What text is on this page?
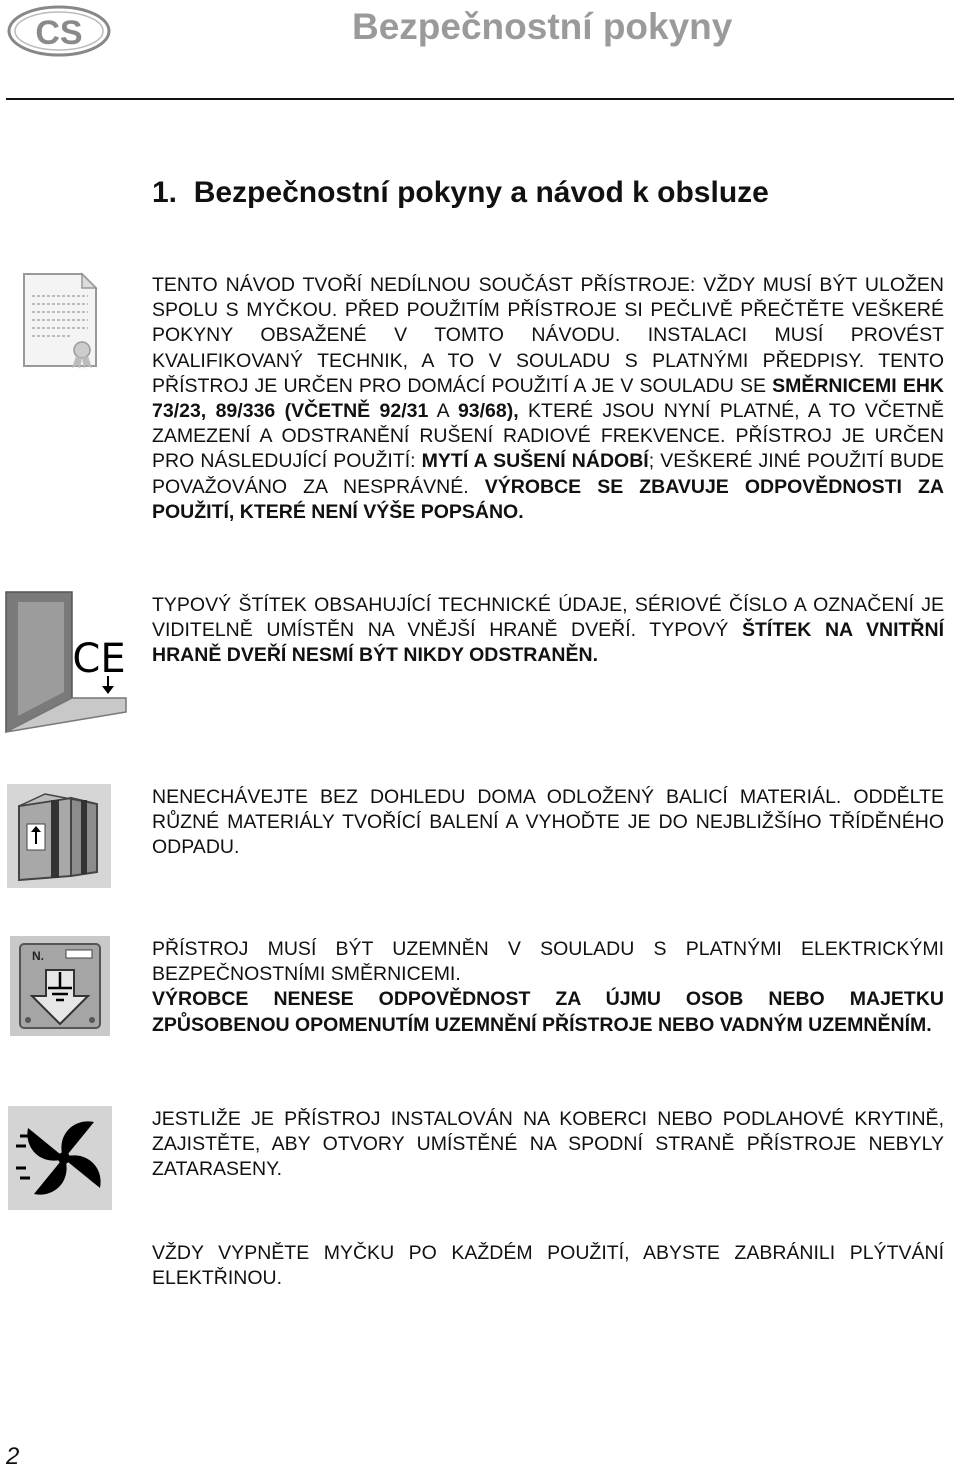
CS	Bezpečnostní pokyny
1. Bezpečnostní pokyny a návod k obsluze
TENTO NÁVOD TVOŘÍ NEDÍLNOU SOUČÁST PŘÍSTROJE: VŽDY MUSÍ BÝT ULOŽEN SPOLU S MYČKOU. PŘED POUŽITÍM PŘÍSTROJE SI PEČLIVĚ PŘEČTĚTE VEŠKERÉ POKYNY OBSAŽENÉ V TOMTO NÁVODU. INSTALACI MUSÍ PROVÉST KVALIFIKOVANÝ TECHNIK, A TO V SOULADU S PLATNÝMI PŘEDPISY. TENTO PŘÍSTROJ JE URČEN PRO DOMÁCÍ POUŽITÍ A JE V SOULADU SE SMĚRNICEMI EHK 73/23, 89/336 (VČETNĚ 92/31 A 93/68), KTERÉ JSOU NYNÍ PLATNÉ, A TO VČETNĚ ZAMEZENÍ A ODSTRANĚNÍ RUŠENÍ RADIOVÉ FREKVENCE. PŘÍSTROJ JE URČEN PRO NÁSLEDUJÍCÍ POUŽITÍ: MYTÍ A SUŠENÍ NÁDOBÍ; VEŠKERÉ JINÉ POUŽITÍ BUDE POVAŽOVÁNO ZA NESPRÁVNÉ. VÝROBCE SE ZBAVUJE ODPOVĚDNOSTI ZA POUŽITÍ, KTERÉ NENÍ VÝŠE POPSÁNO.
CE
TYPOVÝ ŠTÍTEK OBSAHUJÍCÍ TECHNICKÉ ÚDAJE, SÉRIOVÉ ČÍSLO A OZNAČENÍ JE VIDITELNĚ UMÍSTĚN NA VNĚJŠÍ HRANĚ DVEŘÍ. TYPOVÝ ŠTÍTEK NA VNITŘNÍ HRANĚ DVEŘÍ NESMÍ BÝT NIKDY ODSTRANĚN.
NENECHÁVEJTE BEZ DOHLEDU DOMA ODLOŽENÝ BALICÍ MATERIÁL. ODDĚLTE RŮZNÉ MATERIÁLY TVOŘÍCÍ BALENÍ A VYHOĎTE JE DO NEJBLIŽŠÍHO TŘÍDĚNÉHO ODPADU.
N.	PŘÍSTROJ MUSÍ BÝT UZEMNĚN V SOULADU S PLATNÝMI ELEKTRICKÝMI BEZPEČNOSTNÍMI SMĚRNICEMI.
VÝROBCE NENESE ODPOVĚDNOST ZA ÚJMU OSOB NEBO MAJETKU ZPŮSOBENOU OPOMENUTÍM UZEMNĚNÍ PŘÍSTROJE NEBO VADNÝM UZEMNĚNÍM.
JESTLIŽE JE PŘÍSTROJ INSTALOVÁN NA KOBERCI NEBO PODLAHOVÉ KRYTINĚ, ZAJISTĚTE, ABY OTVORY UMÍSTĚNÉ NA SPODNÍ STRANĚ PŘÍSTROJE NEBYLY ZATARASENY.
VŽDY VYPNĚTE MYČKU PO KAŽDÉM POUŽITÍ, ABYSTE ZABRÁNILI PLÝTVÁNÍ ELEKTŘINOU.
2
